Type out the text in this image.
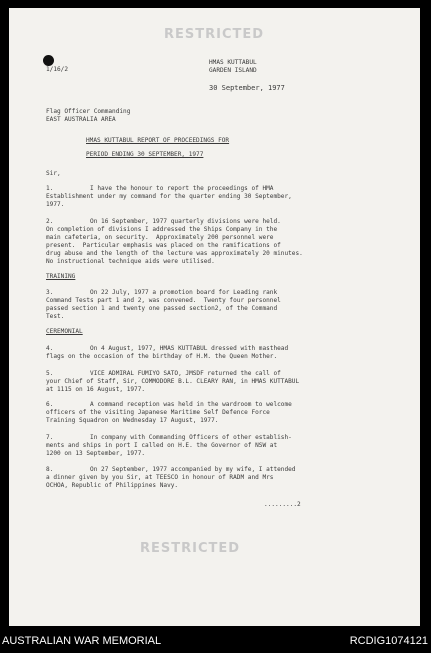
RESTRICTED
1/16/2
HMAS KUTTABUL
GARDEN ISLAND
30 September, 1977
Flag Officer Commanding
EAST AUSTRALIA AREA
HMAS KUTTABUL REPORT OF PROCEEDINGS FOR
PERIOD ENDING 30 SEPTEMBER, 1977
Sir,
1.          I have the honour to report the proceedings of HMA
Establishment under my command for the quarter ending 30 September,
1977.
2.          On 16 September, 1977 quarterly divisions were held.
On completion of divisions I addressed the Ships Company in the
main cafeteria, on security.  Approximately 200 personnel were
present.  Particular emphasis was placed on the ramifications of
drug abuse and the length of the lecture was approximately 20 minutes.
No instructional technique aids were utilised.
TRAINING
3.          On 22 July, 1977 a promotion board for Leading rank
Command Tests part 1 and 2, was convened.  Twenty four personnel
passed section 1 and twenty one passed section2, of the Command
Test.
CEREMONIAL
4.          On 4 August, 1977, HMAS KUTTABUL dressed with masthead
flags on the occasion of the birthday of H.M. the Queen Mother.
5.          VICE ADMIRAL FUMIYO SATO, JMSDF returned the call of
your Chief of Staff, Sir, COMMODORE B.L. CLEARY RAN, in HMAS KUTTABUL
at 1115 on 16 August, 1977.
6.          A command reception was held in the wardroom to welcome
officers of the visiting Japanese Maritime Self Defence Force
Training Squadron on Wednesday 17 August, 1977.
7.          In company with Commanding Officers of other establish-
ments and ships in port I called on H.E. the Governor of NSW at
1200 on 13 September, 1977.
8.          On 27 September, 1977 accompanied by my wife, I attended
a dinner given by you Sir, at TEESCO in honour of RADM and Mrs
OCHOA, Republic of Philippines Navy.
.........2
RESTRICTED
AUSTRALIAN WAR MEMORIAL	RCDIG1074121
